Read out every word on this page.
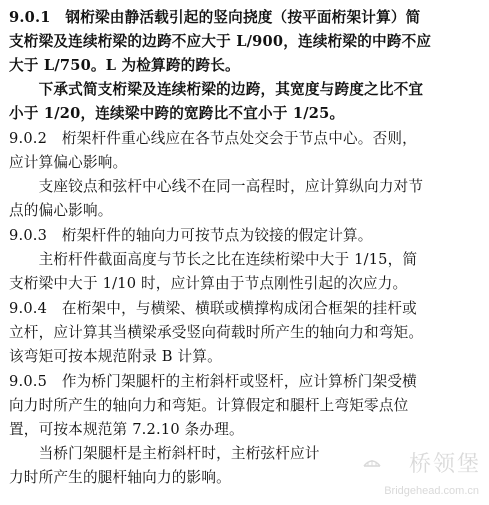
9.0.1　钢桁梁由静活载引起的竖向挠度（按平面桁架计算）简
支桁梁及连续桁梁的边跨不应大于 L/900，连续桁梁的中跨不应
大于 L/750。L 为检算跨的跨长。
　　下承式简支桁梁及连续桁梁的边跨，其宽度与跨度之比不宜
小于 1/20，连续梁中跨的宽跨比不宜小于 1/25。
9.0.2　桁架杆件重心线应在各节点处交会于节点中心。否则，
应计算偏心影响。
　　支座铰点和弦杆中心线不在同一高程时，应计算纵向力对节
点的偏心影响。
9.0.3　桁架杆件的轴向力可按节点为铰接的假定计算。
　　主桁杆件截面高度与节长之比在连续桁梁中大于 1/15，简
支桁梁中大于 1/10 时，应计算由于节点刚性引起的次应力。
9.0.4　在桁架中，与横梁、横联或横撑构成闭合框架的挂杆或
立杆，应计算其当横梁承受竖向荷载时所产生的轴向力和弯矩。
该弯矩可按本规范附录 B 计算。
9.0.5　作为桥门架腿杆的主桁斜杆或竖杆，应计算桥门架受横
向力时所产生的轴向力和弯矩。计算假定和腿杆上弯矩零点位
置，可按本规范第 7.2.10 条办理。
　　当桥门架腿杆是主桁斜杆时，主桁弦杆应计
力时所产生的腿杆轴向力的影响。
桥领堡
Bridgehead.com.cn
